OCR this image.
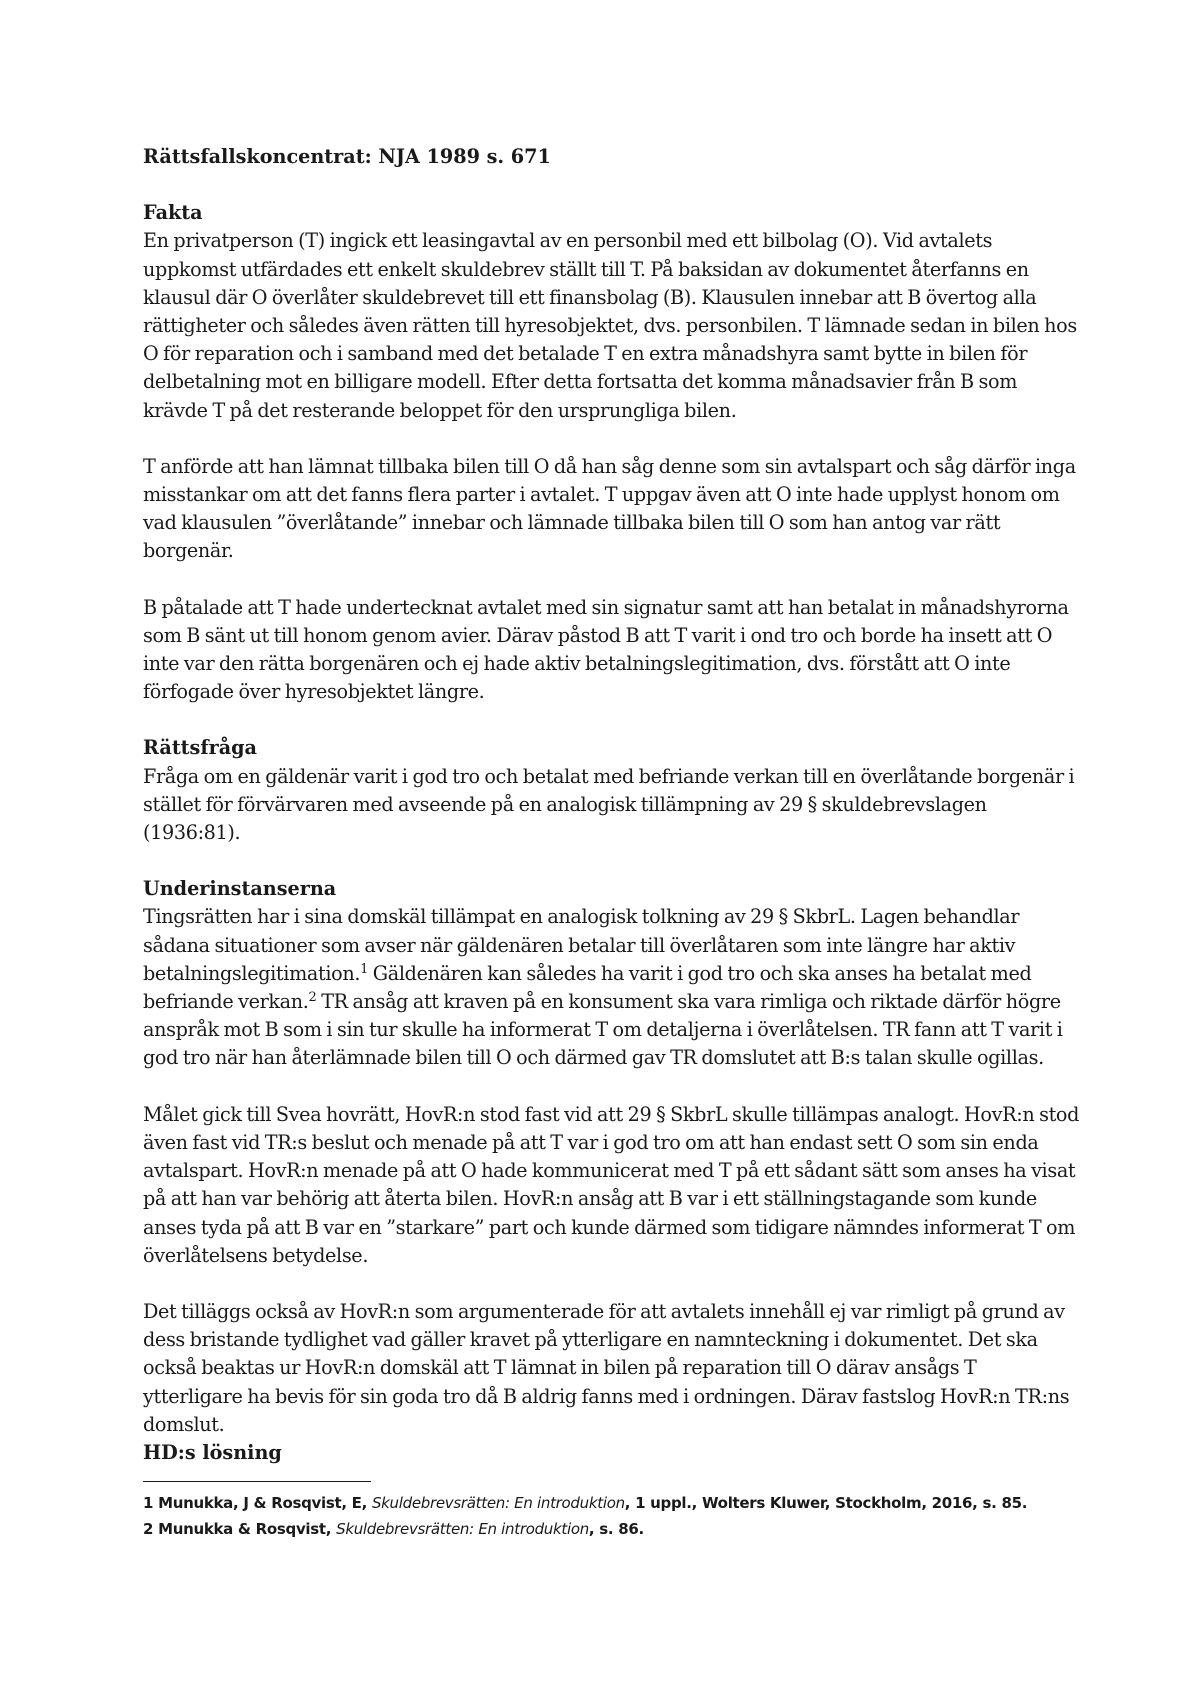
Rättsfallskoncentrat: NJA 1989 s. 671

Fakta

En privatperson (T) ingick ett leasingavtal av en personbil med ett bilbolag (O). Vid avtalets uppkomst utfärdades ett enkelt skuldebrev ställt till T. På baksidan av dokumentet återfanns en klausul där O överlåter skuldebrevet till ett finansbolag (B). Klausulen innebar att B övertog alla rättigheter och således även rätten till hyresobjektet, dvs. personbilen. T lämnade sedan in bilen hos O för reparation och i samband med det betalade T en extra månadshyra samt bytte in bilen för delbetalning mot en billigare modell. Efter detta fortsatta det komma månadsavier från B som krävde T på det resterande beloppet för den ursprungliga bilen.

T anförde att han lämnat tillbaka bilen till O då han såg denne som sin avtalspart och såg därför inga misstankar om att det fanns flera parter i avtalet. T uppgav även att O inte hade upplyst honom om vad klausulen ”överlåtande” innebar och lämnade tillbaka bilen till O som han antog var rätt borgenär.

B påtalade att T hade undertecknat avtalet med sin signatur samt att han betalat in månadshyrorna som B sänt ut till honom genom avier. Därav påstod B att T varit i ond tro och borde ha insett att O inte var den rätta borgenären och ej hade aktiv betalningslegitimation, dvs. förstått att O inte förfogade över hyresobjektet längre.

Rättsfråga

Fråga om en gäldenär varit i god tro och betalat med befriande verkan till en överlåtande borgenär i stället för förvärvaren med avseende på en analogisk tillämpning av 29 § skuldebrevslagen (1936:81).

Underinstanserna

Tingsrätten har i sina domskäl tillämpat en analogisk tolkning av 29 § SkbrL. Lagen behandlar sådana situationer som avser när gäldenären betalar till överlåtaren som inte längre har aktiv betalningslegitimation.$^1$ Gäldenären kan således ha varit i god tro och ska anses ha betalat med befriande verkan.$^2$ TR ansåg att kraven på en konsument ska vara rimliga och riktade därför högre anspråk mot B som i sin tur skulle ha informerat T om detaljerna i överlåtelsen. TR fann att T varit i god tro när han återlämnade bilen till O och därmed gav TR domslutet att B:s talan skulle ogillas.

Målet gick till Svea hovrätt, HovR:n stod fast vid att 29 § SkbrL skulle tillämpas analogt. HovR:n stod även fast vid TR:s beslut och menade på att T var i god tro om att han endast sett O som sin enda avtalspart. HovR:n menade på att O hade kommunicerat med T på ett sådant sätt som anses ha visat på att han var behörig att återta bilen. HovR:n ansåg att B var i ett ställningstagande som kunde anses tyda på att B var en ”starkare” part och kunde därmed som tidigare nämndes informerat T om överlåtelsens betydelse.

Det tilläggs också av HovR:n som argumenterade för att avtalets innehåll ej var rimligt på grund av dess bristande tydlighet vad gäller kravet på ytterligare en namnteckning i dokumentet. Det ska också beaktas ur HovR:n domskäl att T lämnat in bilen på reparation till O därav ansågs T ytterligare ha bevis för sin goda tro då B aldrig fanns med i ordningen. Därav fastslog HovR:n TR:ns domslut.

HD:s lösning

1 Munukka, J & Rosqvist, E, Skuldebrevsrätten: En introduktion, 1 uppl., Wolters Kluwer, Stockholm, 2016, s. 85.

2 Munukka & Rosqvist, Skuldebrevsrätten: En introduktion, s. 86.
